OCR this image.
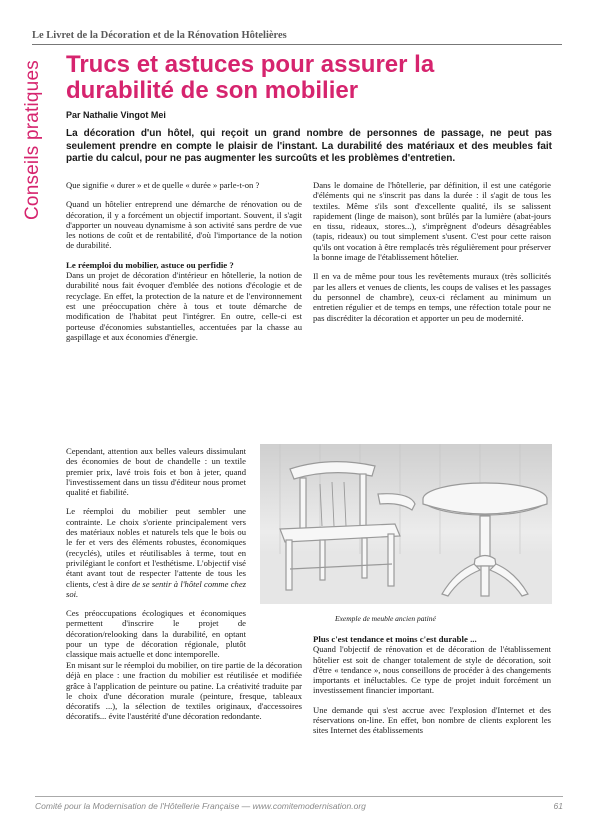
Le Livret de la Décoration et de la Rénovation Hôtelières
Conseils pratiques Trucs et astuces pour assurer la durabilité de son mobilier
Par Nathalie Vingot Mei

La décoration d'un hôtel, qui reçoit un grand nombre de personnes de passage, ne peut pas seulement prendre en compte le plaisir de l'instant. La durabilité des matériaux et des meubles fait partie du calcul, pour ne pas augmenter les surcoûts et les problèmes d'entretien.

Que signifie « durer » et de quelle « durée » parle-t-on ?

Quand un hôtelier entreprend une démarche de rénovation ou de décoration, il y a forcément un objectif important. Souvent, il s'agit d'apporter un nouveau dynamisme à son activité sans perdre de vue les notions de coût et de rentabilité, d'où l'importance de la notion de durabilité.

Le réemploi du mobilier, astuce ou perfidie ?

Dans un projet de décoration d'intérieur en hôtellerie, la notion de durabilité nous fait évoquer d'emblée des notions d'écologie et de recyclage. En effet, la protection de la nature et de l'environnement est une préoccupation chère à tous et toute démarche de modification de l'habitat peut l'intégrer. En outre, celle-ci est porteuse d'économies substantielles, accentuées par la chasse au gaspillage et aux économies d'énergie.

Cependant, attention aux belles valeurs dissimulant des économies de bout de chandelle : un textile premier prix, lavé trois fois et bon à jeter, quand l'investissement dans un tissu d'éditeur nous promet qualité et fiabilité.

Le réemploi du mobilier peut sembler une contrainte. Le choix s'oriente principalement vers des matériaux nobles et naturels tels que le bois ou le fer et vers des éléments robustes, économiques (recyclés), utiles et réutilisables à terme, tout en privilégiant le confort et l'esthétisme. L'objectif visé étant avant tout de respecter l'attente de tous les clients, c'est à dire de se sentir à l'hôtel comme chez soi.

Ces préoccupations écologiques et économiques permettent d'inscrire le projet de décoration/relooking dans la durabilité, en optant pour un type de décoration régionale, plutôt classique mais actuelle et donc intemporelle.

En misant sur le réemploi du mobilier, on tire partie de la décoration déjà en place : une fraction du mobilier est réutilisée et modifiée grâce à l'application de peinture ou patine. La créativité traduite par le choix d'une décoration murale (peinture, fresque, tableaux décoratifs ...), la sélection de textiles originaux, d'accessoires décoratifs... évite l'austérité d'une décoration redondante.

Dans le domaine de l'hôtellerie, par définition, il est une catégorie d'éléments qui ne s'inscrit pas dans la durée : il s'agit de tous les textiles. Même s'ils sont d'excellente qualité, ils se salissent rapidement (linge de maison), sont brûlés par la lumière (abat-jours en tissu, rideaux, stores...), s'imprègnent d'odeurs désagréables (tapis, rideaux) ou tout simplement s'usent. C'est pour cette raison qu'ils ont vocation à être remplacés très régulièrement pour préserver la bonne image de l'établissement hôtelier.

Il en va de même pour tous les revêtements muraux (très sollicités par les allers et venues de clients, les coups de valises et les passages du personnel de chambre), ceux-ci réclament au minimum un entretien régulier et de temps en temps, une réfection totale pour ne pas discréditer la décoration et apporter un peu de modernité.

Exemple de meuble ancien patiné
Plus c'est tendance et moins c'est durable ...

Quand l'objectif de rénovation et de décoration de l'établissement hôtelier est soit de changer totalement de style de décoration, soit d'être « tendance », nous conseillons de procéder à des changements importants et inéluctables. Ce type de projet induit forcément un investissement financier important.

Une demande qui s'est accrue avec l'explosion d'Internet et des réservations on-line. En effet, bon nombre de clients explorent les sites Internet des établissements

Comité pour la Modernisation de l'Hôtellerie Française — www.comitemodernisation.org	61
